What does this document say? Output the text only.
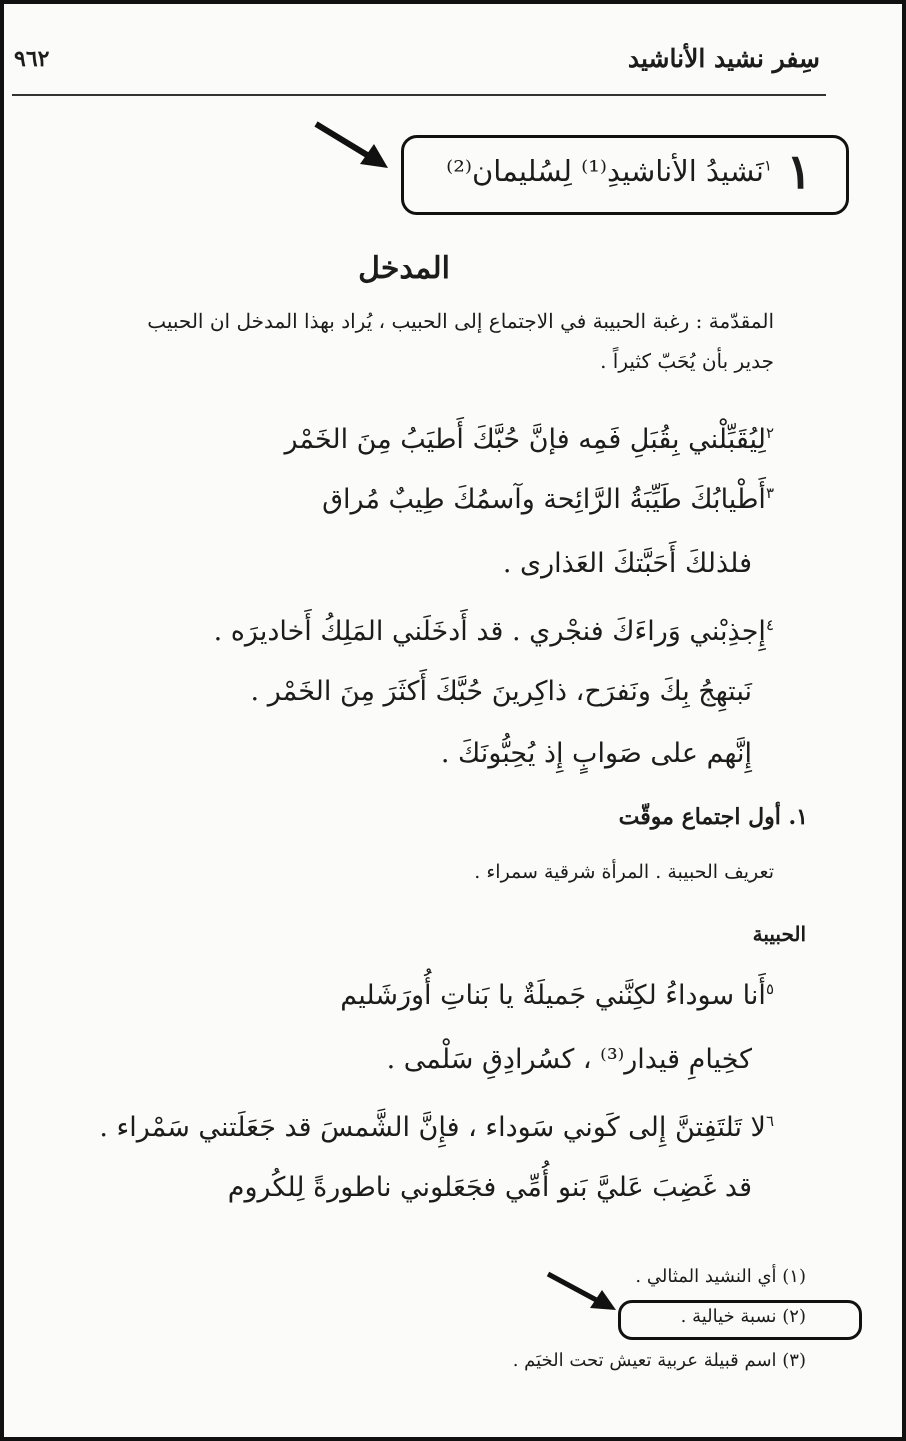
سِفر نشيد الأناشيد
٩٦٢
١
$^١$نَشيدُ الأناشيدِ⁽¹⁾ لِسُليمان⁽²⁾
المدخل
المقدّمة : رغبة الحبيبة في الاجتماع إلى الحبيب ، يُراد بهذا المدخل ان الحبيب
جدير بأن يُحَبّ كثيراً .
$^٢$لِيُقَبِّلْني بِقُبَلِ فَمِه فإنَّ حُبَّكَ أَطيَبُ مِنَ الخَمْر
$^٣$أَطْيابُكَ طَيِّبَةُ الرَّائِحة وآسمُكَ طِيبٌ مُراق
فلذلكَ أَحَبَّتكَ العَذارى .
$^٤$إِجذِبْني وَراءَكَ فنجْري . قد أَدخَلَني المَلِكُ أَخاديرَه .
نَبتهِجُ بِكَ ونَفرَح، ذاكِرينَ حُبَّكَ أَكثَرَ مِنَ الخَمْر .
إِنَّهم على صَوابٍ إِذ يُحِبُّونَكَ .
١. أول اجتماع موقّت
تعريف الحبيبة . المرأة شرقية سمراء .
الحبيبة
$^٥$أَنا سوداءُ لكِنَّني جَميلَةٌ يا بَناتِ أُورَشَليم
كخِيامِ قيدار⁽³⁾ ، كسُرادِقِ سَلْمى .
$^٦$لا تَلتَفِتنَّ إِلى كَوني سَوداء ، فإِنَّ الشَّمسَ قد جَعَلَتني سَمْراء .
قد غَضِبَ عَليَّ بَنو أُمِّي فجَعَلوني ناطورةً لِلكُروم
(١) أي النشيد المثالي .
(٢) نسبة خيالية .
(٣) اسم قبيلة عربية تعيش تحت الخيَم .
